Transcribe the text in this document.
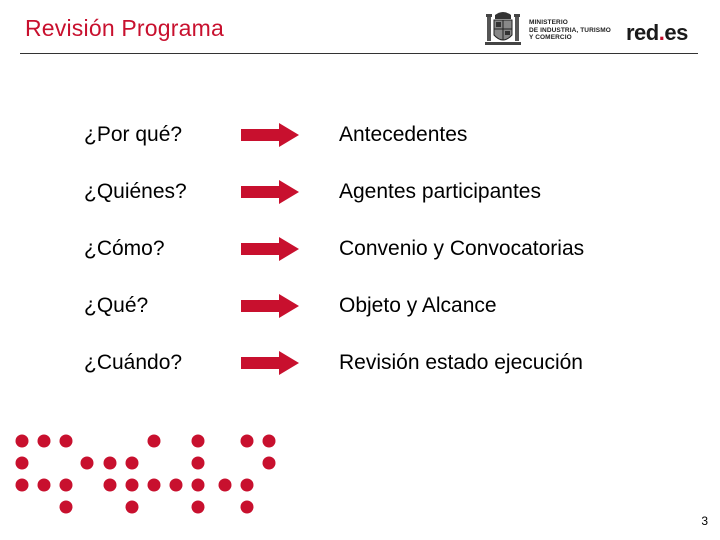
Revisión Programa	MINISTERIO
DE INDUSTRIA, TURISMO
Y COMERCIO	red.es
¿Por qué?	Antecedentes
¿Quiénes?	Agentes participantes
¿Cómo?	Convenio y Convocatorias
¿Qué?	Objeto y Alcance
¿Cuándo?	Revisión estado ejecución
3
